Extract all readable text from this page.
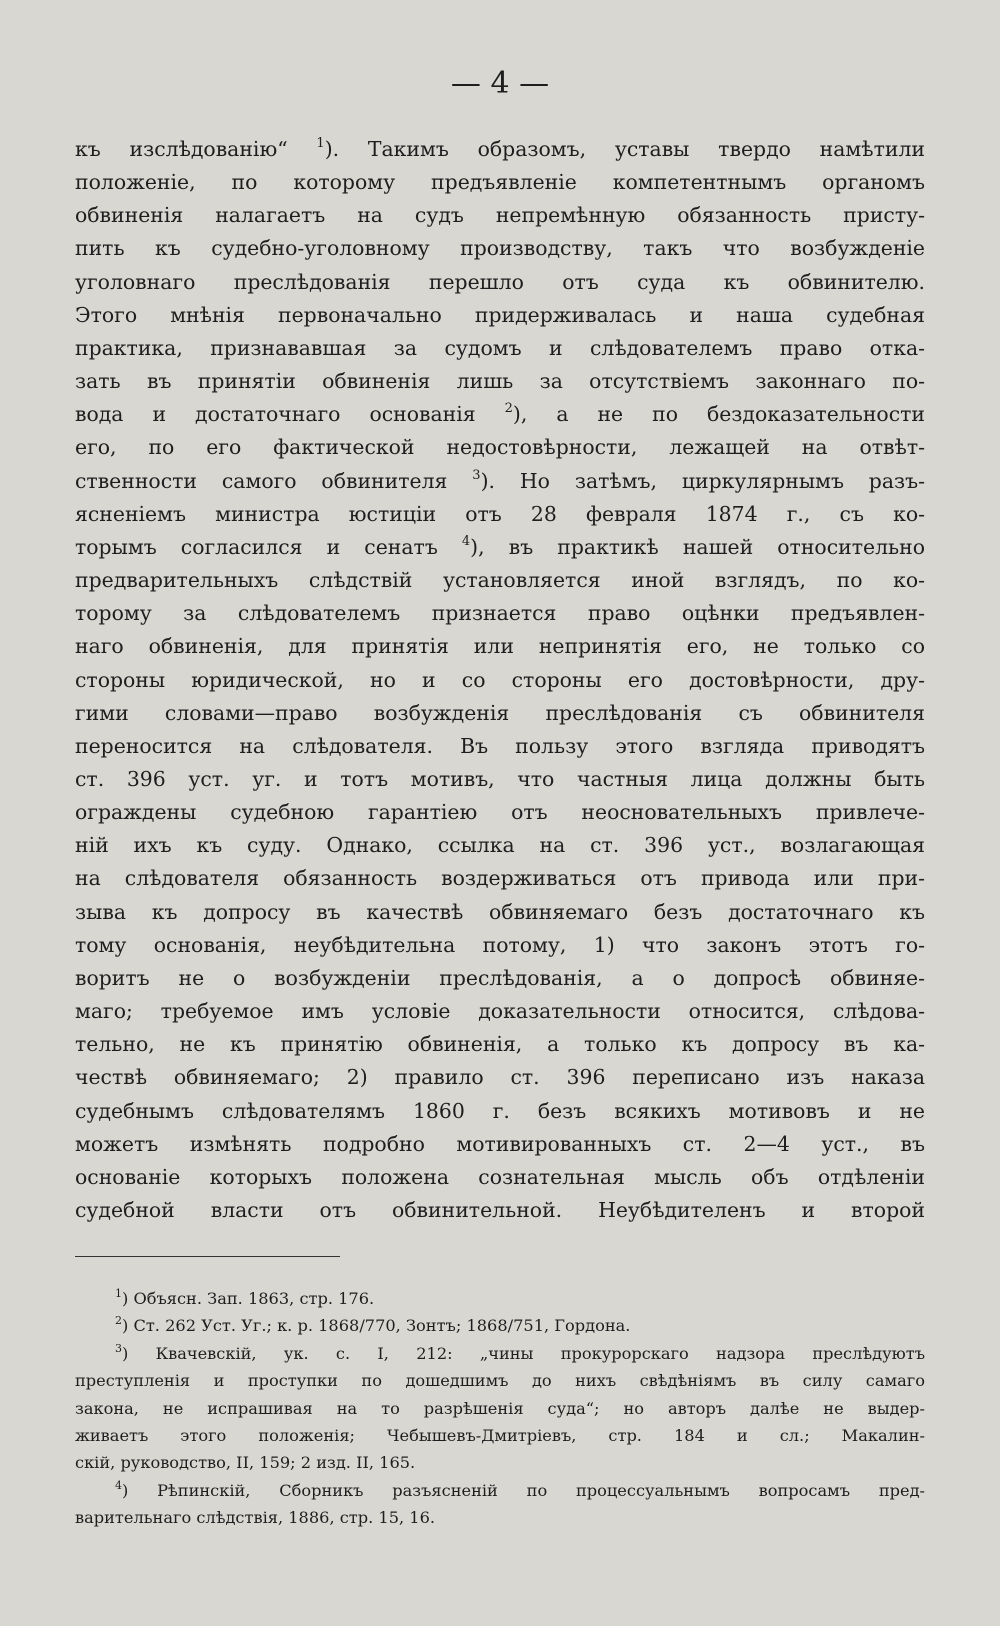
— 4 —
къ изслѣдованію“ $^1$). Такимъ образомъ, уставы твердо намѣтили
положеніе, по которому предъявленіе компетентнымъ органомъ
обвиненія налагаетъ на судъ непремѣнную обязанность присту-
пить къ судебно-уголовному производству, такъ что возбужденіе
уголовнаго преслѣдованія перешло отъ суда къ обвинителю.
Этого мнѣнія первоначально придерживалась и наша судебная
практика, признававшая за судомъ и слѣдователемъ право отка-
зать въ принятіи обвиненія лишь за отсутствіемъ законнаго по-
вода и достаточнаго основанія $^2$), а не по бездоказательности
его, по его фактической недостовѣрности, лежащей на отвѣт-
ственности самого обвинителя $^3$). Но затѣмъ, циркулярнымъ разъ-
ясненіемъ министра юстиціи отъ 28 февраля 1874 г., съ ко-
торымъ согласился и сенатъ $^4$), въ практикѣ нашей относительно
предварительныхъ слѣдствій установляется иной взглядъ, по ко-
торому за слѣдователемъ признается право оцѣнки предъявлен-
наго обвиненія, для принятія или непринятія его, не только со
стороны юридической, но и со стороны его достовѣрности, дру-
гими словами—право возбужденія преслѣдованія съ обвинителя
переносится на слѣдователя. Въ пользу этого взгляда приводятъ
ст. 396 уст. уг. и тотъ мотивъ, что частныя лица должны быть
ограждены судебною гарантіею отъ неосновательныхъ привлече-
ній ихъ къ суду. Однако, ссылка на ст. 396 уст., возлагающая
на слѣдователя обязанность воздерживаться отъ привода или при-
зыва къ допросу въ качествѣ обвиняемаго безъ достаточнаго къ
тому основанія, неубѣдительна потому, 1) что законъ этотъ го-
воритъ не о возбужденіи преслѣдованія, а о допросѣ обвиняе-
маго; требуемое имъ условіе доказательности относится, слѣдова-
тельно, не къ принятію обвиненія, а только къ допросу въ ка-
чествѣ обвиняемаго; 2) правило ст. 396 переписано изъ наказа
судебнымъ слѣдователямъ 1860 г. безъ всякихъ мотивовъ и не
можетъ измѣнять подробно мотивированныхъ ст. 2—4 уст., въ
основаніе которыхъ положена сознательная мысль объ отдѣленіи
судебной власти отъ обвинительной. Неубѣдителенъ и второй
$^1$) Объясн. Зап. 1863, стр. 176.
$^2$) Ст. 262 Уст. Уг.; к. р. 1868/770, Зонтъ; 1868/751, Гордона.
$^3$) Квачевскій, ук. с. I, 212: „чины прокурорскаго надзора преслѣдуютъ
преступленія и проступки по дошедшимъ до нихъ свѣдѣніямъ въ силу самаго
закона, не испрашивая на то разрѣшенія суда“; но авторъ далѣе не выдер-
живаетъ этого положенія; Чебышевъ-Дмитріевъ, стр. 184 и сл.; Макалин-
скій, руководство, II, 159; 2 изд. II, 165.
$^4$) Рѣпинскій, Сборникъ разъясненій по процессуальнымъ вопросамъ пред-
варительнаго слѣдствія, 1886, стр. 15, 16.
